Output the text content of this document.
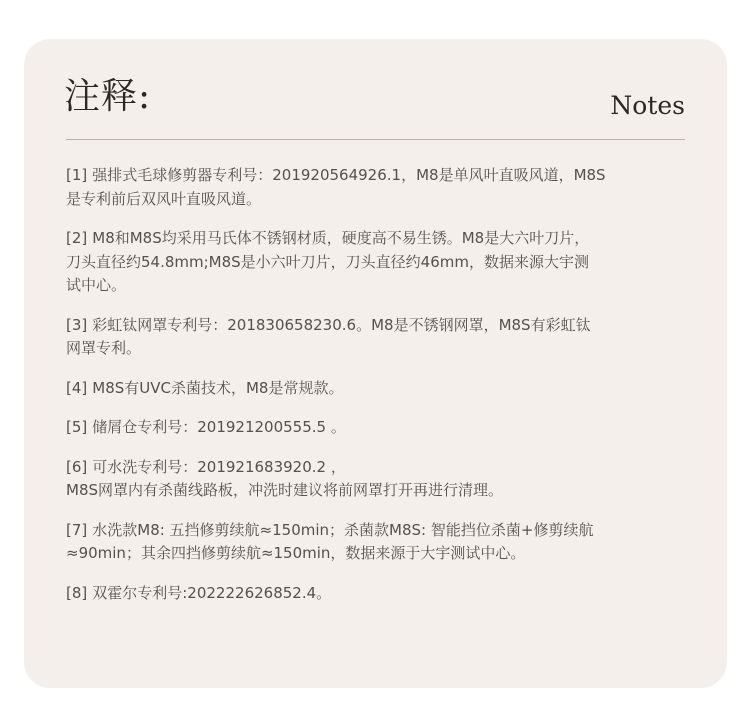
注释:	Notes
[1] 强排式毛球修剪器专利号：201920564926.1，M8是单风叶直吸风道，M8S
是专利前后双风叶直吸风道。
[2] M8和M8S均采用马氏体不锈钢材质，硬度高不易生锈。M8是大六叶刀片，
刀头直径约54.8mm;M8S是小六叶刀片，刀头直径约46mm，数据来源大宇测
试中心。
[3] 彩虹钛网罩专利号：201830658230.6。M8是不锈钢网罩，M8S有彩虹钛
网罩专利。
[4] M8S有UVC杀菌技术，M8是常规款。
[5] 储屑仓专利号：201921200555.5 。
[6] 可水洗专利号：201921683920.2 ，
M8S网罩内有杀菌线路板，冲洗时建议将前网罩打开再进行清理。
[7] 水洗款M8: 五挡修剪续航≈150min；杀菌款M8S: 智能挡位杀菌+修剪续航
≈90min；其余四挡修剪续航≈150min，数据来源于大宇测试中心。
[8] 双霍尔专利号:202222626852.4。
